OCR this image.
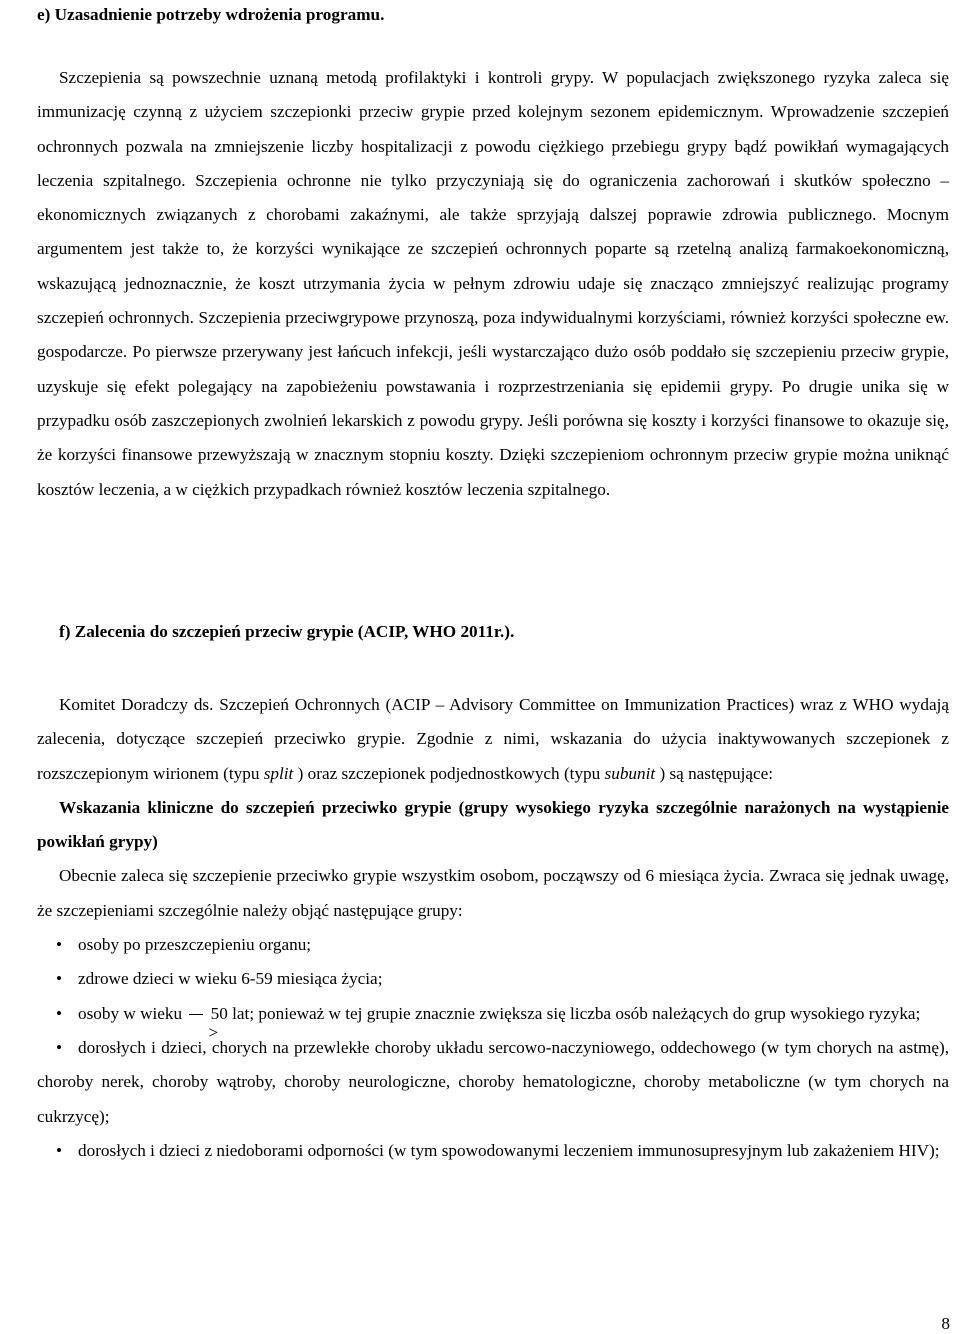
e) Uzasadnienie potrzeby wdrożenia programu.

Szczepienia są powszechnie uznaną metodą profilaktyki i kontroli grypy. W populacjach zwiększonego ryzyka zaleca się immunizację czynną z użyciem szczepionki przeciw grypie przed kolejnym sezonem epidemicznym. Wprowadzenie szczepień ochronnych pozwala na zmniejszenie liczby hospitalizacji z powodu ciężkiego przebiegu grypy bądź powikłań wymagających leczenia szpitalnego. Szczepienia ochronne nie tylko przyczyniają się do ograniczenia zachorowań i skutków społeczno – ekonomicznych związanych z chorobami zakaźnymi, ale także sprzyjają dalszej poprawie zdrowia publicznego. Mocnym argumentem jest także to, że korzyści wynikające ze szczepień ochronnych poparte są rzetelną analizą farmakoekonomiczną, wskazującą jednoznacznie, że koszt utrzymania życia w pełnym zdrowiu udaje się znacząco zmniejszyć realizując programy szczepień ochronnych. Szczepienia przeciwgrypowe przynoszą, poza indywidualnymi korzyściami, również korzyści społeczne ew. gospodarcze. Po pierwsze przerywany jest łańcuch infekcji, jeśli wystarczająco dużo osób poddało się szczepieniu przeciw grypie, uzyskuje się efekt polegający na zapobieżeniu powstawania i rozprzestrzeniania się epidemii grypy. Po drugie unika się w przypadku osób zaszczepionych zwolnień lekarskich z powodu grypy. Jeśli porówna się koszty i korzyści finansowe to okazuje się, że korzyści finansowe przewyższają w znacznym stopniu koszty. Dzięki szczepieniom ochronnym przeciw grypie można uniknąć kosztów leczenia, a w ciężkich przypadkach również kosztów leczenia szpitalnego.

f) Zalecenia do szczepień przeciw grypie (ACIP, WHO 2011r.).

Komitet Doradczy ds. Szczepień Ochronnych (ACIP – Advisory Committee on Immunization Practices) wraz z WHO wydają zalecenia, dotyczące szczepień przeciwko grypie. Zgodnie z nimi, wskazania do użycia inaktywowanych szczepionek z rozszczepionym wirionem (typu split ) oraz szczepionek podjednostkowych (typu subunit ) są następujące:

Wskazania kliniczne do szczepień przeciwko grypie (grupy wysokiego ryzyka szczególnie narażonych na wystąpienie powikłań grypy)

Obecnie zaleca się szczepienie przeciwko grypie wszystkim osobom, począwszy od 6 miesiąca życia. Zwraca się jednak uwagę, że szczepieniami szczególnie należy objąć następujące grupy:

• osoby po przeszczepieniu organu;

• zdrowe dzieci w wieku 6-59 miesiąca życia;

• osoby w wieku  50 lat; ponieważ w tej grupie znacznie zwiększa się liczba osób należących do grup wysokiego ryzyka;

• dorosłych i dzieci, chorych na przewlekłe choroby układu sercowo-naczyniowego, oddechowego (w tym chorych na astmę), choroby nerek, choroby wątroby, choroby neurologiczne, choroby hematologiczne, choroby metaboliczne (w tym chorych na cukrzycę);

• dorosłych i dzieci z niedoborami odporności (w tym spowodowanymi leczeniem immunosupresyjnym lub zakażeniem HIV);

8
